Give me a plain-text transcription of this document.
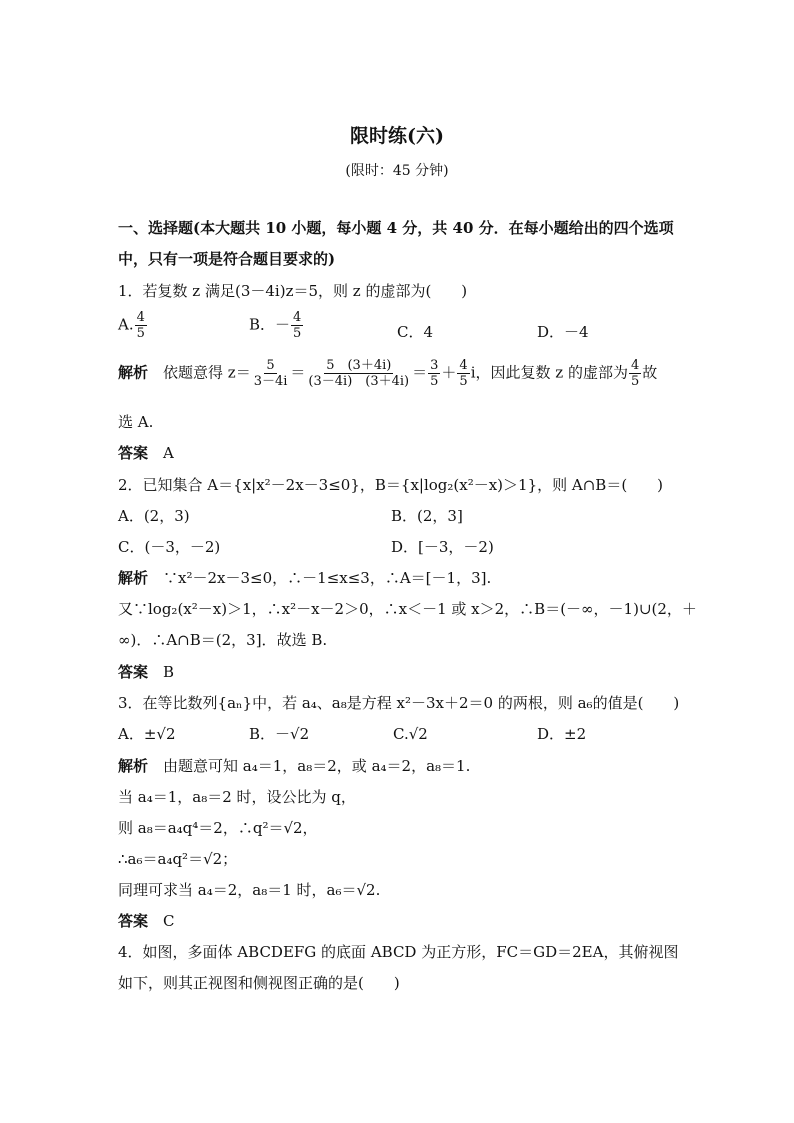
限时练(六)
(限时：45 分钟)
一、选择题(本大题共 10 小题，每小题 4 分，共 40 分．在每小题给出的四个选项
中，只有一项是符合题目要求的)
1．若复数 z 满足(3－4i)z＝5，则 z 的虚部为(　　)
A. $\frac{4}{5}$	B．－ $\frac{4}{5}$	C．4	D．－4
解析　 依题意得 $z= \frac{5}{3-4i} = \frac{5 (3+4i)}{(3-4i) (3+4i)} = \frac{3}{5} + \frac{4}{5}$ i，因此复数 z 的虚部为 $\frac{4}{5}$ 故
选 A.
答案　 A
2．已知集合 A＝{x|x²－2x－3≤0}，B＝{x|log₂(x²－x)＞1}，则 A∩B＝(　　)
A．(2，3)	B．(2，3]
C．(－3，－2)	D．[－3，－2)
解析　 ∵x²－2x－3≤0，∴－1≤x≤3，∴A＝[－1，3].
又∵log₂(x²－x)＞1，∴x²－x－2＞0，∴x＜－1 或 x＞2，∴B＝(－∞，－1)∪(2，＋
∞)．∴A∩B＝(2，3]．故选 B.
答案　 B
3．在等比数列{aₙ}中，若 a₄、a₈是方程 x²－3x＋2＝0 的两根，则 a₆的值是(　　)
A．±√2	B．－√2	C.√2	D．±2
解析　 由题意可知 a₄＝1，a₈＝2，或 a₄＝2，a₈＝1.
当 a₄＝1，a₈＝2 时，设公比为 q，
则 a₈＝a₄q⁴＝2，∴q²＝√2，
∴a₆＝a₄q²＝√2；
同理可求当 a₄＝2，a₈＝1 时，a₆＝√2.
答案　 C
4．如图，多面体 ABCDEFG 的底面 ABCD 为正方形，FC＝GD＝2EA，其俯视图
如下，则其正视图和侧视图正确的是(　　)
